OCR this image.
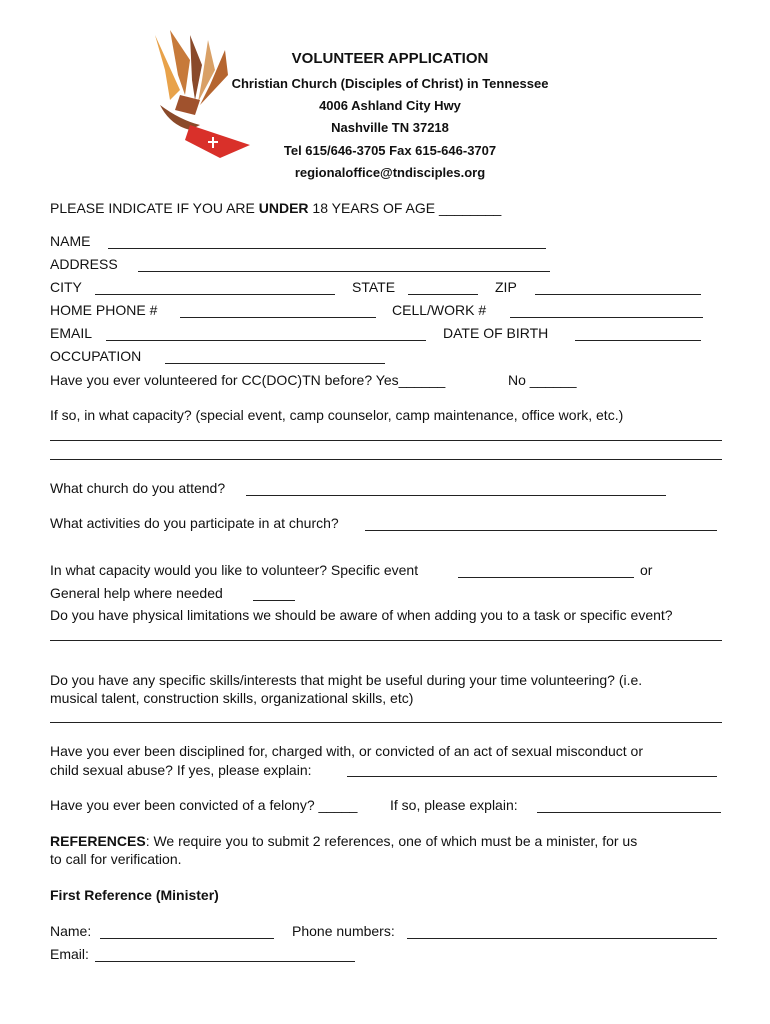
VOLUNTEER APPLICATION
Christian Church (Disciples of Christ) in Tennessee
4006 Ashland City Hwy
Nashville TN 37218
Tel 615/646-3705 Fax 615-646-3707
regionaloffice@tndisciples.org
PLEASE INDICATE IF YOU ARE UNDER 18 YEARS OF AGE ________
NAME
ADDRESS
CITY	STATE	ZIP
HOME PHONE #	CELL/WORK #
EMAIL	DATE OF BIRTH
OCCUPATION
Have you ever volunteered for CC(DOC)TN before? Yes______	No ______
If so, in what capacity? (special event, camp counselor, camp maintenance, office work, etc.)
What church do you attend?
What activities do you participate in at church?
In what capacity would you like to volunteer? Specific event	or
General help where needed
Do you have physical limitations we should be aware of when adding you to a task or specific event?
Do you have any specific skills/interests that might be useful during your time volunteering? (i.e.
musical talent, construction skills, organizational skills, etc)
Have you ever been disciplined for, charged with, or convicted of an act of sexual misconduct or
child sexual abuse? If yes, please explain:
Have you ever been convicted of a felony? _____ If so, please explain:
REFERENCES: We require you to submit 2 references, one of which must be a minister, for us
to call for verification.
First Reference (Minister)
Name:	Phone numbers:
Email:
